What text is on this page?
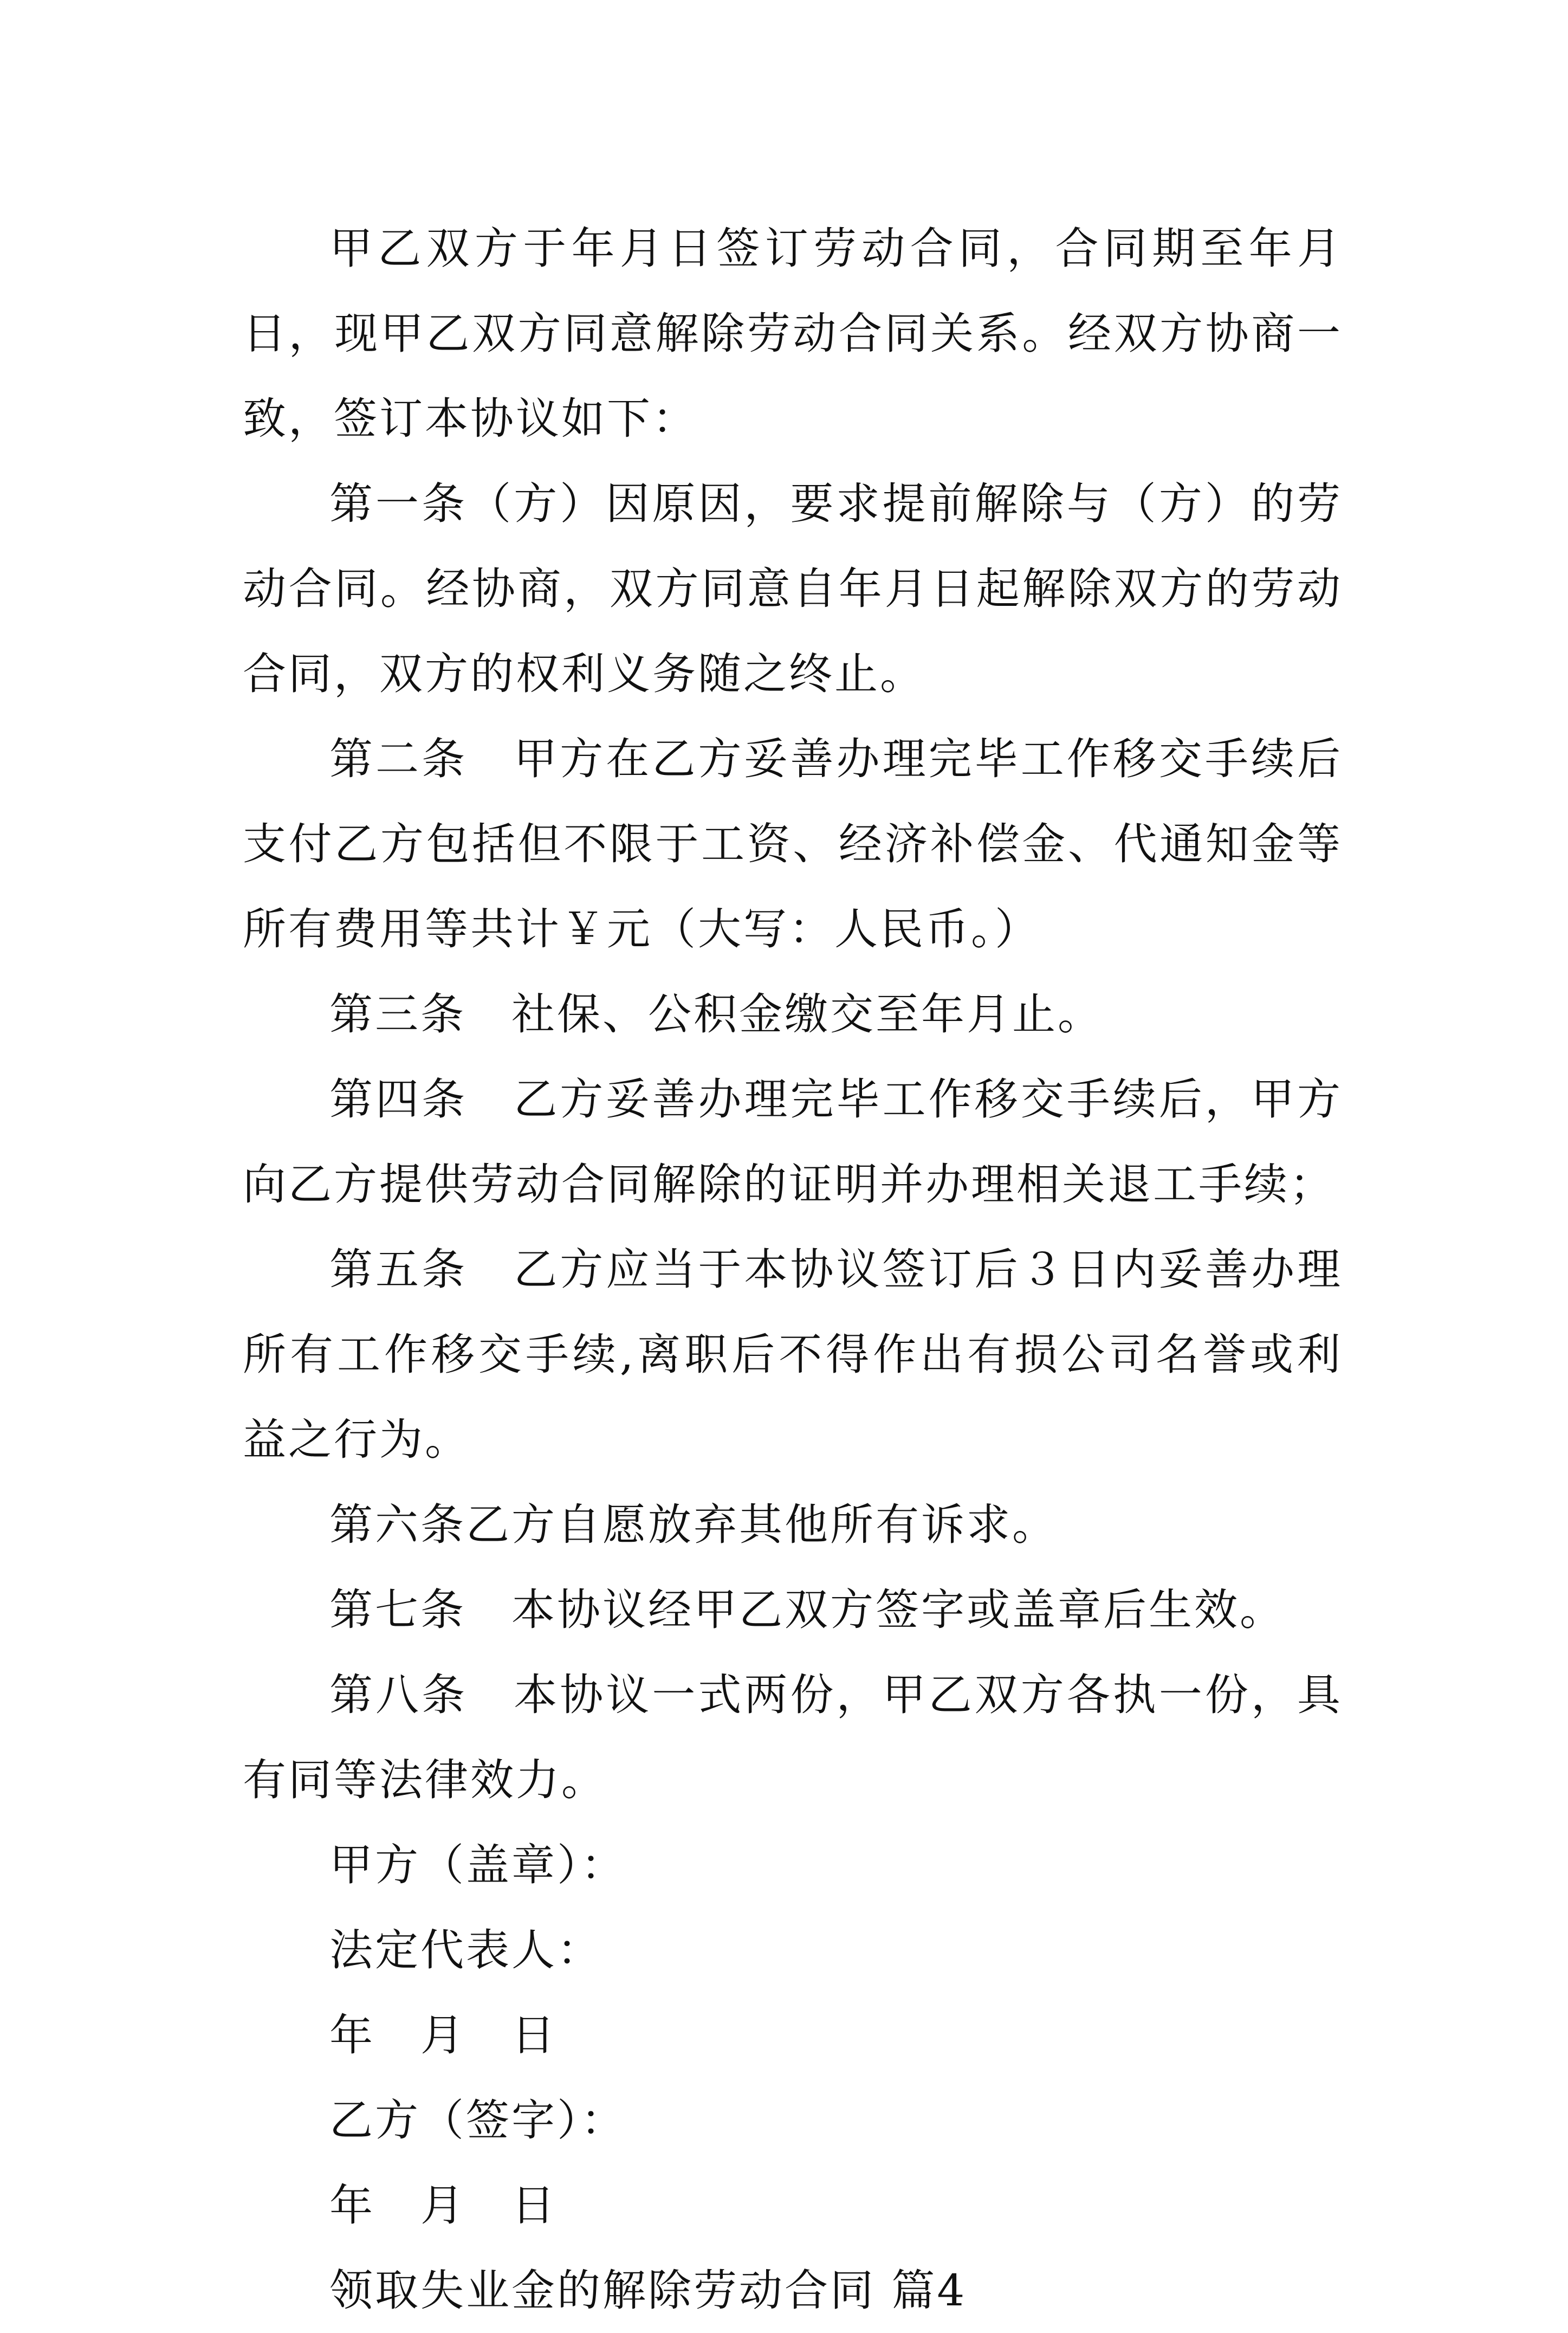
甲乙双方于年月日签订劳动合同，合同期至年月日，现甲乙双方同意解除劳动合同关系。经双方协商一致，签订本协议如下：

第一条（方）因原因，要求提前解除与（方）的劳动合同。经协商，双方同意自年月日起解除双方的劳动合同，双方的权利义务随之终止。

第二条　甲方在乙方妥善办理完毕工作移交手续后支付乙方包括但不限于工资、经济补偿金、代通知金等所有费用等共计￥元（大写：人民币。）

第三条　社保、公积金缴交至年月止。

第四条　乙方妥善办理完毕工作移交手续后，甲方向乙方提供劳动合同解除的证明并办理相关退工手续；

第五条　乙方应当于本协议签订后３日内妥善办理所有工作移交手续,离职后不得作出有损公司名誉或利益之行为。

第六条乙方自愿放弃其他所有诉求。

第七条　本协议经甲乙双方签字或盖章后生效。

第八条　本协议一式两份，甲乙双方各执一份，具有同等法律效力。

甲方（盖章）：

法定代表人：

年　月　日

乙方（签字）：

年　月　日

领取失业金的解除劳动合同 篇4
